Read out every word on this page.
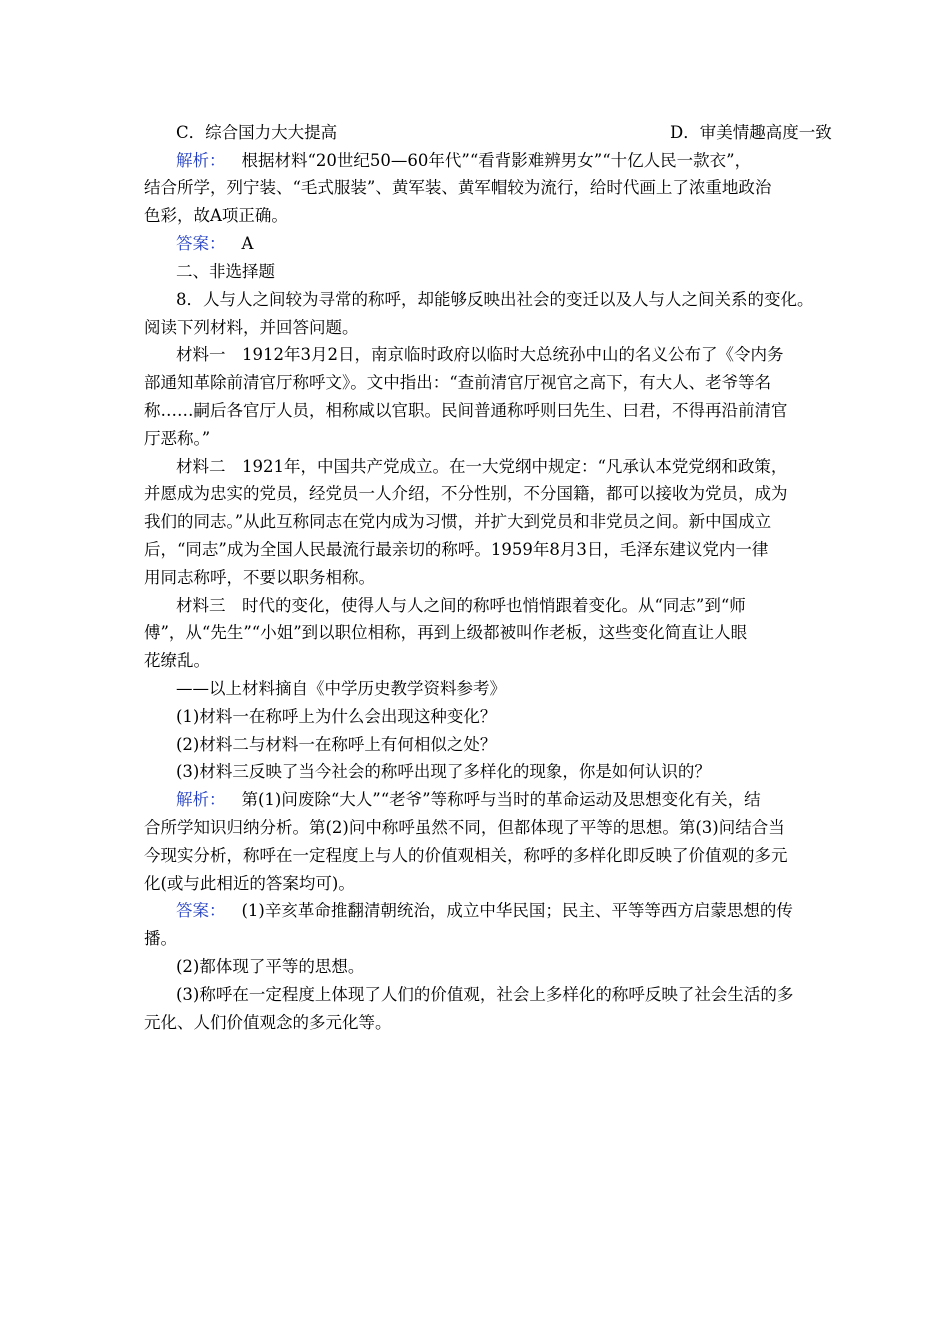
C．综合国力大大提高	D．审美情趣高度一致
解析： 根据材料“20世纪50—60年代”“看背影难辨男女”“十亿人民一款衣”，
结合所学，列宁装、“毛式服装”、黄军装、黄军帽较为流行，给时代画上了浓重地政治
色彩，故A项正确。
答案： A
二、非选择题
8．人与人之间较为寻常的称呼，却能够反映出社会的变迁以及人与人之间关系的变化。
阅读下列材料，并回答问题。
材料一　1912年3月2日，南京临时政府以临时大总统孙中山的名义公布了《令内务
部通知革除前清官厅称呼文》。文中指出：“查前清官厅视官之高下，有大人、老爷等名
称……嗣后各官厅人员，相称咸以官职。民间普通称呼则曰先生、曰君，不得再沿前清官
厅恶称。”
材料二　1921年，中国共产党成立。在一大党纲中规定：“凡承认本党党纲和政策，
并愿成为忠实的党员，经党员一人介绍，不分性别，不分国籍，都可以接收为党员，成为
我们的同志。”从此互称同志在党内成为习惯，并扩大到党员和非党员之间。新中国成立
后，“同志”成为全国人民最流行最亲切的称呼。1959年8月3日，毛泽东建议党内一律
用同志称呼，不要以职务相称。
材料三　时代的变化，使得人与人之间的称呼也悄悄跟着变化。从“同志”到“师
傅”，从“先生”“小姐”到以职位相称，再到上级都被叫作老板，这些变化简直让人眼
花缭乱。
——以上材料摘自《中学历史教学资料参考》
(1)材料一在称呼上为什么会出现这种变化？
(2)材料二与材料一在称呼上有何相似之处？
(3)材料三反映了当今社会的称呼出现了多样化的现象，你是如何认识的？
解析： 第(1)问废除“大人”“老爷”等称呼与当时的革命运动及思想变化有关，结
合所学知识归纳分析。第(2)问中称呼虽然不同，但都体现了平等的思想。第(3)问结合当
今现实分析，称呼在一定程度上与人的价值观相关，称呼的多样化即反映了价值观的多元
化(或与此相近的答案均可)。
答案： (1)辛亥革命推翻清朝统治，成立中华民国；民主、平等等西方启蒙思想的传
播。
(2)都体现了平等的思想。
(3)称呼在一定程度上体现了人们的价值观，社会上多样化的称呼反映了社会生活的多
元化、人们价值观念的多元化等。
